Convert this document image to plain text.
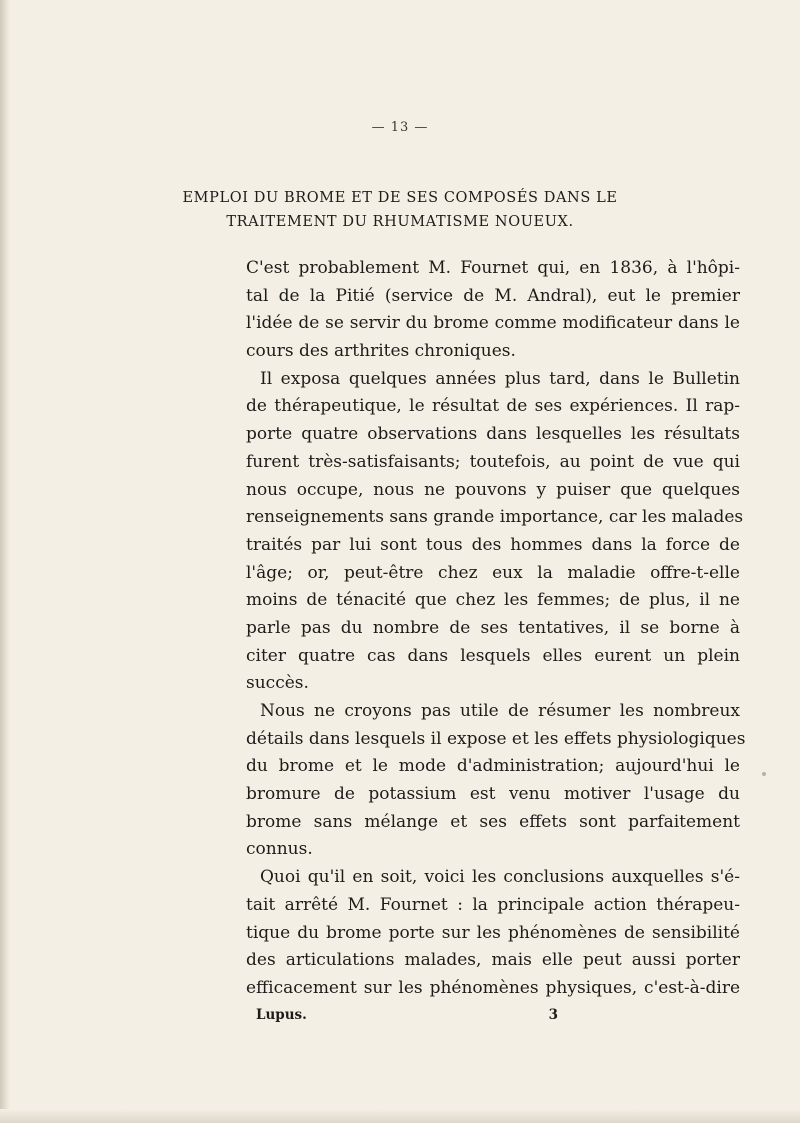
— 13 —
EMPLOI DU BROME ET DE SES COMPOSÉS DANS LE
TRAITEMENT DU RHUMATISME NOUEUX.
C'est probablement M. Fournet qui, en 1836, à l'hôpi-
tal de la Pitié (service de M. Andral), eut le premier
l'idée de se servir du brome comme modificateur dans le
cours des arthrites chroniques.
Il exposa quelques années plus tard, dans le Bulletin
de thérapeutique, le résultat de ses expériences. Il rap-
porte quatre observations dans lesquelles les résultats
furent très-satisfaisants; toutefois, au point de vue qui
nous occupe, nous ne pouvons y puiser que quelques
renseignements sans grande importance, car les malades
traités par lui sont tous des hommes dans la force de
l'âge; or, peut-être chez eux la maladie offre-t-elle
moins de ténacité que chez les femmes; de plus, il ne
parle pas du nombre de ses tentatives, il se borne à
citer quatre cas dans lesquels elles eurent un plein
succès.
Nous ne croyons pas utile de résumer les nombreux
détails dans lesquels il expose et les effets physiologiques
du brome et le mode d'administration; aujourd'hui le
bromure de potassium est venu motiver l'usage du
brome sans mélange et ses effets sont parfaitement
connus.
Quoi qu'il en soit, voici les conclusions auxquelles s'é-
tait arrêté M. Fournet : la principale action thérapeu-
tique du brome porte sur les phénomènes de sensibilité
des articulations malades, mais elle peut aussi porter
efficacement sur les phénomènes physiques, c'est-à-dire
Lupus.	3
